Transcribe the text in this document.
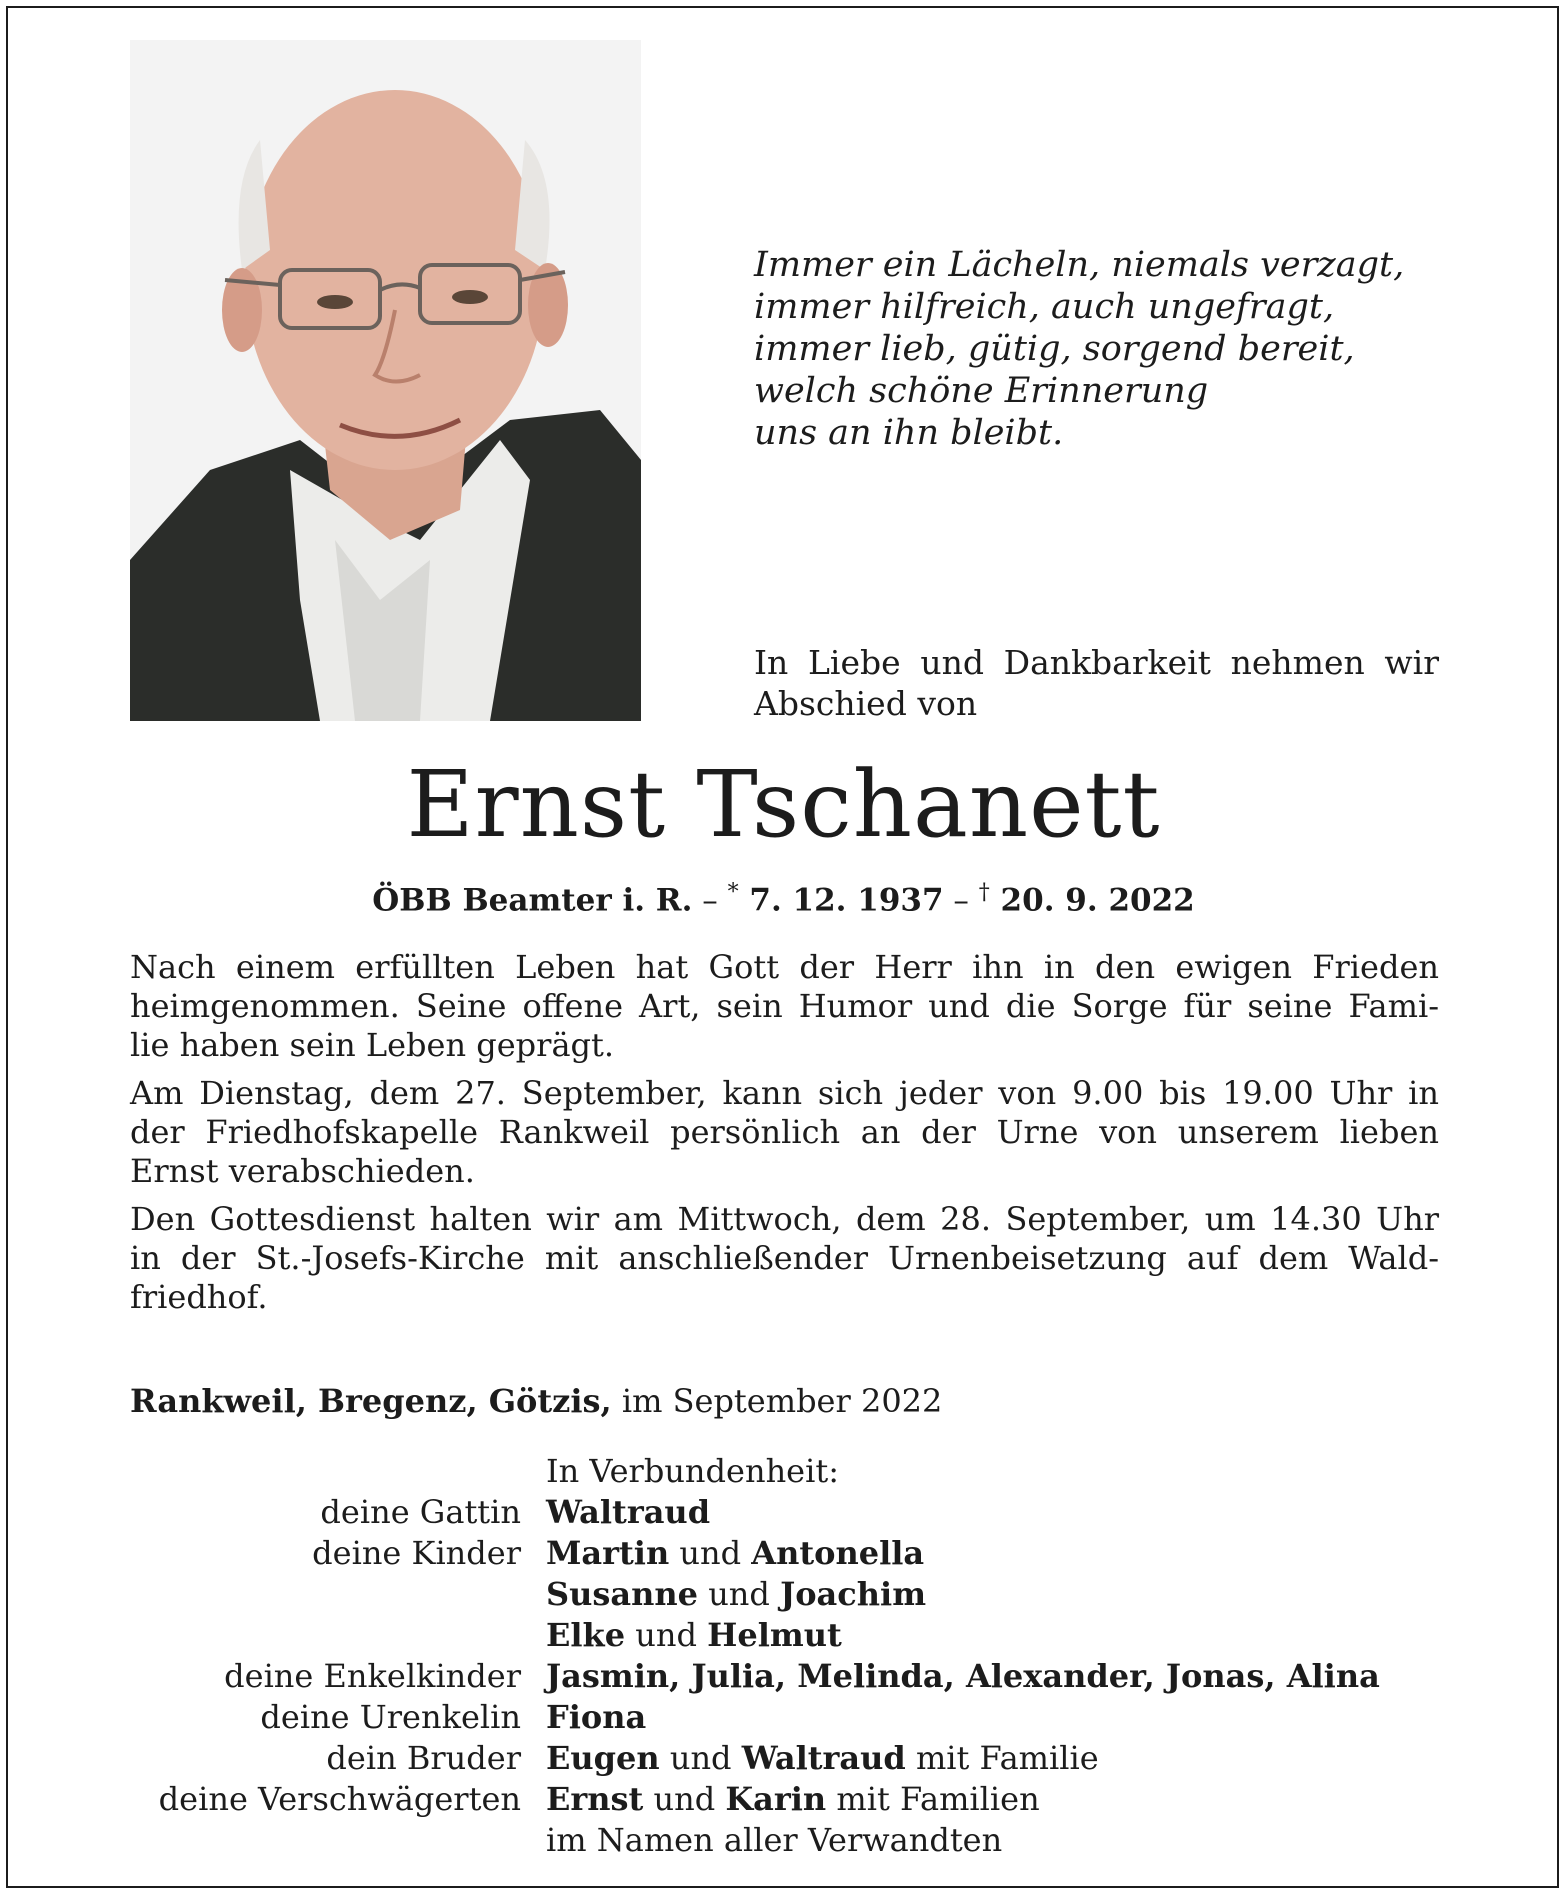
Immer ein Lächeln, niemals verzagt,
immer hilfreich, auch ungefragt,
immer lieb, gütig, sorgend bereit,
welch schöne Erinnerung
uns an ihn bleibt.
In Liebe und Dankbarkeit nehmen wir
Abschied von
Ernst Tschanett
ÖBB Beamter i. R. – * 7. 12. 1937 – † 20. 9. 2022
Nach einem erfüllten Leben hat Gott der Herr ihn in den ewigen Frieden
heimgenommen. Seine offene Art, sein Humor und die Sorge für seine Fami-
lie haben sein Leben geprägt.
Am Dienstag, dem 27. September, kann sich jeder von 9.00 bis 19.00 Uhr in
der Friedhofskapelle Rankweil persönlich an der Urne von unserem lieben
Ernst verabschieden.
Den Gottesdienst halten wir am Mittwoch, dem 28. September, um 14.30 Uhr
in der St.-Josefs-Kirche mit anschließender Urnenbeisetzung auf dem Wald-
friedhof.
Rankweil, Bregenz, Götzis, im September 2022
In Verbundenheit:
deine Gattin Waltraud
deine Kinder Martin und Antonella
Susanne und Joachim
Elke und Helmut
deine Enkelkinder Jasmin, Julia, Melinda, Alexander, Jonas, Alina
deine Urenkelin Fiona
dein Bruder Eugen und Waltraud mit Familie
deine Verschwägerten Ernst und Karin mit Familien
im Namen aller Verwandten
